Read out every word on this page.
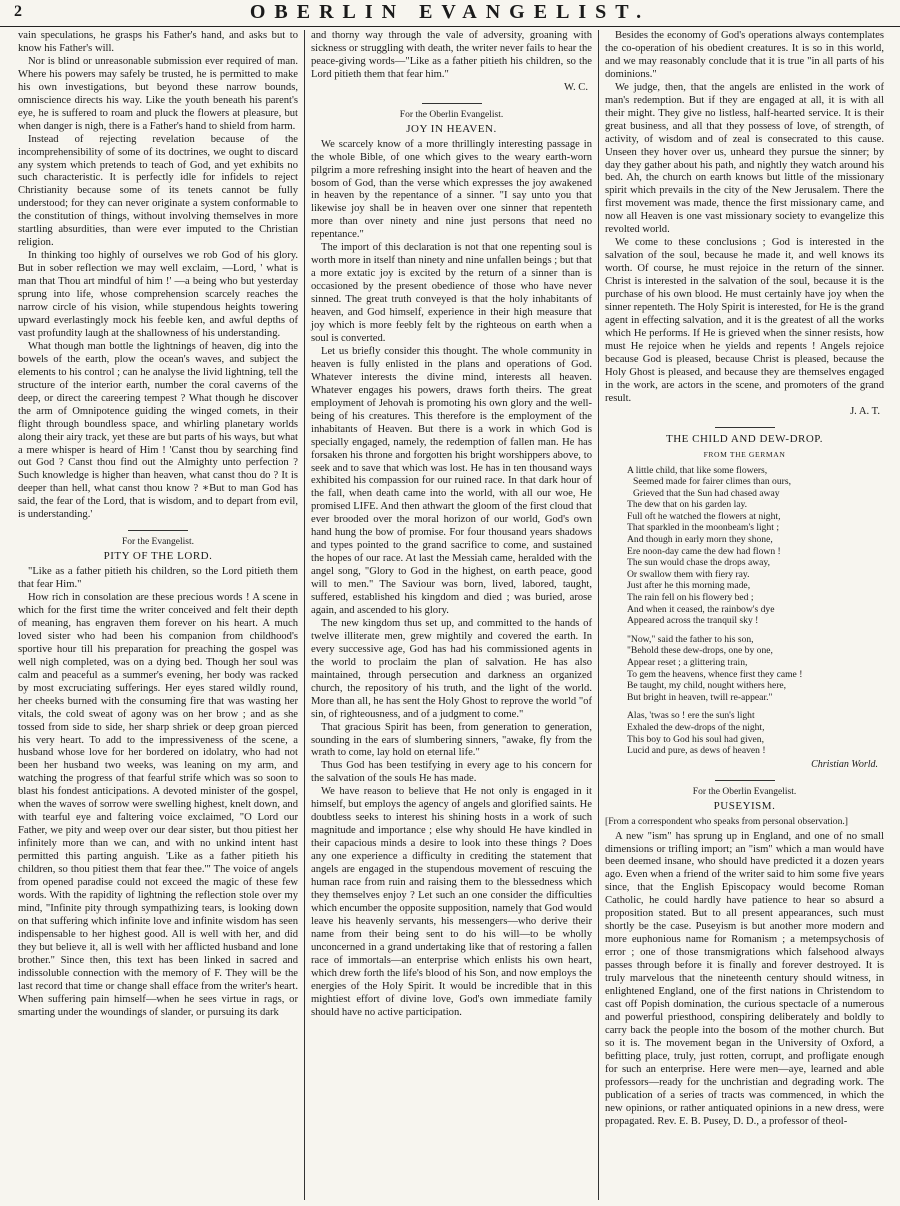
2	OBERLIN EVANGELIST.

vain speculations, he grasps his Father's hand, and asks but to know his Father's will.

Nor is blind or unreasonable submission ever required of man. Where his powers may safely be trusted, he is permitted to make his own investigations, but beyond these narrow bounds, omniscience directs his way. Like the youth beneath his parent's eye, he is suffered to roam and pluck the flowers at pleasure, but when danger is nigh, there is a Father's hand to shield from harm.

Instead of rejecting revelation because of the incomprehensibility of some of its doctrines, we ought to discard any system which pretends to teach of God, and yet exhibits no such characteristic. It is perfectly idle for infidels to reject Christianity because some of its tenets cannot be fully understood; for they can never originate a system conformable to the constitution of things, without involving themselves in more startling absurdities, than were ever imputed to the Christian religion.

In thinking too highly of ourselves we rob God of his glory. But in sober reflection we may well exclaim, —Lord, ' what is man that Thou art mindful of him !' —a being who but yesterday sprung into life, whose comprehension scarcely reaches the narrow circle of his vision, while stupendous heights towering upward everlastingly mock his feeble ken, and awful depths of vast profundity laugh at the shallowness of his understanding.

What though man bottle the lightnings of heaven, dig into the bowels of the earth, plow the ocean's waves, and subject the elements to his control ; can he analyse the livid lightning, tell the structure of the interior earth, number the coral caverns of the deep, or direct the careering tempest ? What though he discover the arm of Omnipotence guiding the winged comets, in their flight through boundless space, and whirling planetary worlds along their airy track, yet these are but parts of his ways, but what a mere whisper is heard of Him ! 'Canst thou by searching find out God ? Canst thou find out the Almighty unto perfection ? Such knowledge is higher than heaven, what canst thou do ? It is deeper than hell, what canst thou know ? ∗But to man God has said, the fear of the Lord, that is wisdom, and to depart from evil, is understanding.'

For the Evangelist.

PITY OF THE LORD.

"Like as a father pitieth his children, so the Lord pitieth them that fear Him."

How rich in consolation are these precious words ! A scene in which for the first time the writer conceived and felt their depth of meaning, has engraven them forever on his heart. A much loved sister who had been his companion from childhood's sportive hour till his preparation for preaching the gospel was well nigh completed, was on a dying bed. Though her soul was calm and peaceful as a summer's evening, her body was racked by most excruciating sufferings. Her eyes stared wildly round, her cheeks burned with the consuming fire that was wasting her vitals, the cold sweat of agony was on her brow ; and as she tossed from side to side, her sharp shriek or deep groan pierced his very heart. To add to the impressiveness of the scene, a husband whose love for her bordered on idolatry, who had not been her husband two weeks, was leaning on my arm, and watching the progress of that fearful strife which was so soon to blast his fondest anticipations. A devoted minister of the gospel, when the waves of sorrow were swelling highest, knelt down, and with tearful eye and faltering voice exclaimed, "O Lord our Father, we pity and weep over our dear sister, but thou pitiest her infinitely more than we can, and with no unkind intent hast permitted this parting anguish. 'Like as a father pitieth his children, so thou pitiest them that fear thee.'" The voice of angels from opened paradise could not exceed the magic of these few words. With the rapidity of lightning the reflection stole over my mind, "Infinite pity through sympathizing tears, is looking down on that suffering which infinite love and infinite wisdom has seen indispensable to her highest good. All is well with her, and did they but believe it, all is well with her afflicted husband and lone brother." Since then, this text has been linked in sacred and indissoluble connection with the memory of F. They will be the last record that time or change shall efface from the writer's heart. When suffering pain himself—when he sees virtue in rags, or smarting under the woundings of slander, or pursuing its dark

and thorny way through the vale of adversity, groaning with sickness or struggling with death, the writer never fails to hear the peace-giving words—"Like as a father pitieth his children, so the Lord pitieth them that fear him."

W. C.

For the Oberlin Evangelist.

JOY IN HEAVEN.

We scarcely know of a more thrillingly interesting passage in the whole Bible, of one which gives to the weary earth-worn pilgrim a more refreshing insight into the heart of heaven and the bosom of God, than the verse which expresses the joy awakened in heaven by the repentance of a sinner. "I say unto you that likewise joy shall be in heaven over one sinner that repenteth more than over ninety and nine just persons that need no repentance."

The import of this declaration is not that one repenting soul is worth more in itself than ninety and nine unfallen beings ; but that a more extatic joy is excited by the return of a sinner than is occasioned by the present obedience of those who have never sinned. The great truth conveyed is that the holy inhabitants of heaven, and God himself, experience in their high measure that joy which is more feebly felt by the righteous on earth when a soul is converted.

Let us briefly consider this thought. The whole community in heaven is fully enlisted in the plans and operations of God. Whatever interests the divine mind, interests all heaven. Whatever engages his powers, draws forth theirs. The great employment of Jehovah is promoting his own glory and the well-being of his creatures. This therefore is the employment of the inhabitants of Heaven. But there is a work in which God is specially engaged, namely, the redemption of fallen man. He has forsaken his throne and forgotten his bright worshippers above, to seek and to save that which was lost. He has in ten thousand ways exhibited his compassion for our ruined race. In that dark hour of the fall, when death came into the world, with all our woe, He promised LIFE. And then athwart the gloom of the first cloud that ever brooded over the moral horizon of our world, God's own hand hung the bow of promise. For four thousand years shadows and types pointed to the grand sacrifice to come, and sustained the hopes of our race. At last the Messiah came, heralded with the angel song, "Glory to God in the highest, on earth peace, good will to men." The Saviour was born, lived, labored, taught, suffered, established his kingdom and died ; was buried, arose again, and ascended to his glory.

The new kingdom thus set up, and committed to the hands of twelve illiterate men, grew mightily and covered the earth. In every successive age, God has had his commissioned agents in the world to proclaim the plan of salvation. He has also maintained, through persecution and darkness an organized church, the repository of his truth, and the light of the world. More than all, he has sent the Holy Ghost to reprove the world "of sin, of righteousness, and of a judgment to come."

That gracious Spirit has been, from generation to generation, sounding in the ears of slumbering sinners, "awake, fly from the wrath to come, lay hold on eternal life."

Thus God has been testifying in every age to his concern for the salvation of the souls He has made.

We have reason to believe that He not only is engaged in it himself, but employs the agency of angels and glorified saints. He doubtless seeks to interest his shining hosts in a work of such magnitude and importance ; else why should He have kindled in their capacious minds a desire to look into these things ? Does any one experience a difficulty in crediting the statement that angels are engaged in the stupendous movement of rescuing the human race from ruin and raising them to the blessedness which they themselves enjoy ? Let such an one consider the difficulties which encumber the opposite supposition, namely that God would leave his heavenly servants, his messengers—who derive their name from their being sent to do his will—to be wholly unconcerned in a grand undertaking like that of restoring a fallen race of immortals—an enterprise which enlists his own heart, which drew forth the life's blood of his Son, and now employs the energies of the Holy Spirit. It would be incredible that in this mightiest effort of divine love, God's own immediate family should have no active participation.

Besides the economy of God's operations always contemplates the co-operation of his obedient creatures. It is so in this world, and we may reasonably conclude that it is true "in all parts of his dominions."

We judge, then, that the angels are enlisted in the work of man's redemption. But if they are engaged at all, it is with all their might. They give no listless, half-hearted service. It is their great business, and all that they possess of love, of strength, of activity, of wisdom and of zeal is consecrated to this cause. Unseen they hover over us, unheard they pursue the sinner; by day they gather about his path, and nightly they watch around his bed. Ah, the church on earth knows but little of the missionary spirit which prevails in the city of the New Jerusalem. There the first movement was made, thence the first missionary came, and now all Heaven is one vast missionary society to evangelize this revolted world.

We come to these conclusions ; God is interested in the salvation of the soul, because he made it, and well knows its worth. Of course, he must rejoice in the return of the sinner. Christ is interested in the salvation of the soul, because it is the purchase of his own blood. He must certainly have joy when the sinner repenteth. The Holy Spirit is interested, for He is the grand agent in effecting salvation, and it is the greatest of all the works which He performs. If He is grieved when the sinner resists, how must He rejoice when he yields and repents ! Angels rejoice because God is pleased, because Christ is pleased, because the Holy Ghost is pleased, and because they are themselves engaged in the work, are actors in the scene, and promoters of the grand result.

J. A. T.

THE CHILD AND DEW-DROP.

FROM THE GERMAN
A little child, that like some flowers,
Seemed made for fairer climes than ours,
Grieved that the Sun had chased away
The dew that on his garden lay.
Full oft he watched the flowers at night,
That sparkled in the moonbeam's light ;
And though in early morn they shone,
Ere noon-day came the dew had flown !
The sun would chase the drops away,
Or swallow them with fiery ray.
Just after he this morning made,
The rain fell on his flowery bed ;
And when it ceased, the rainbow's dye
Appeared across the tranquil sky !
"Now," said the father to his son,
"Behold these dew-drops, one by one,
Appear reset ; a glittering train,
To gem the heavens, whence first they came !
Be taught, my child, nought withers here,
But bright in heaven, twill re-appear."
Alas, 'twas so ! ere the sun's light
Exhaled the dew-drops of the night,
This boy to God his soul had given,
Lucid and pure, as dews of heaven !
Christian World.

For the Oberlin Evangelist.

PUSEYISM.

[From a correspondent who speaks from personal observation.]

A new "ism" has sprung up in England, and one of no small dimensions or trifling import; an "ism" which a man would have been deemed insane, who should have predicted it a dozen years ago. Even when a friend of the writer said to him some five years since, that the English Episcopacy would become Roman Catholic, he could hardly have patience to hear so absurd a proposition stated. But to all present appearances, such must shortly be the case. Puseyism is but another more modern and more euphonious name for Romanism ; a metempsychosis of error ; one of those transmigrations which falsehood always passes through before it is finally and forever destroyed. It is truly marvelous that the nineteenth century should witness, in enlightened England, one of the first nations in Christendom to cast off Popish domination, the curious spectacle of a numerous and powerful priesthood, conspiring deliberately and boldly to carry back the people into the bosom of the mother church. But so it is. The movement began in the University of Oxford, a befitting place, truly, just rotten, corrupt, and profligate enough for such an enterprise. Here were men—aye, learned and able professors—ready for the unchristian and degrading work. The publication of a series of tracts was commenced, in which the new opinions, or rather antiquated opinions in a new dress, were propagated. Rev. E. B. Pusey, D. D., a professor of theol-
